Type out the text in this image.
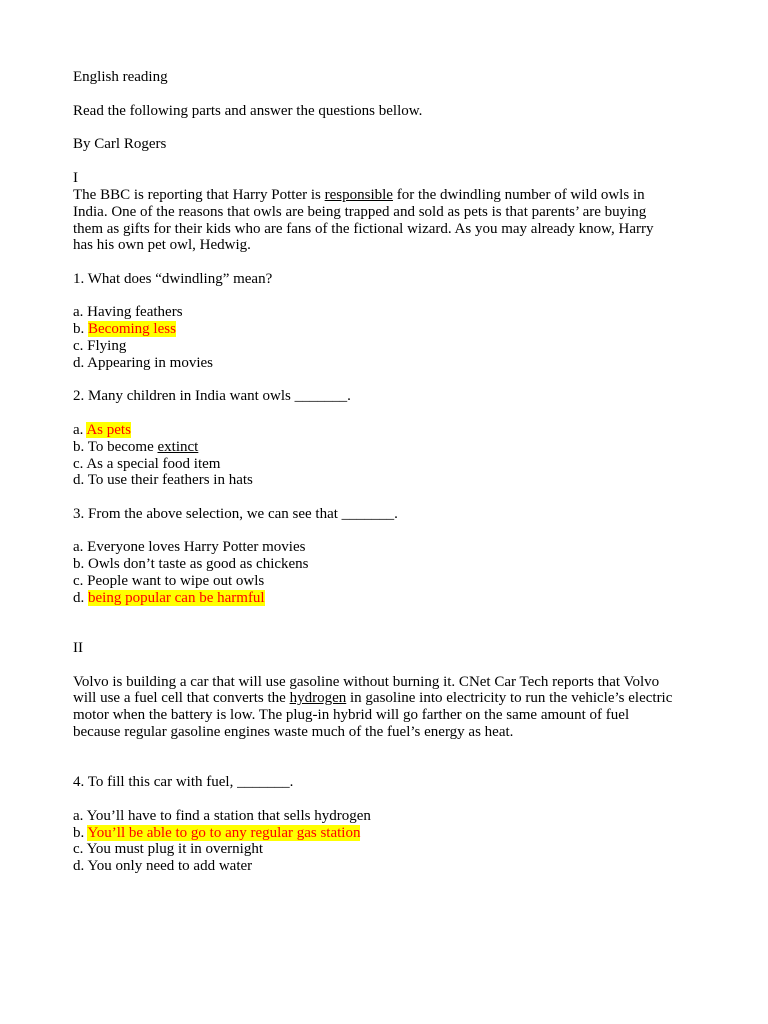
English reading

Read the following parts and answer the questions bellow.

By Carl Rogers

I

The BBC is reporting that Harry Potter is responsible for the dwindling number of wild owls in

India. One of the reasons that owls are being trapped and sold as pets is that parents’ are buying

them as gifts for their kids who are fans of the fictional wizard. As you may already know, Harry

has his own pet owl, Hedwig.

1. What does “dwindling” mean?

a. Having feathers

b. Becoming less

c. Flying

d. Appearing in movies

2. Many children in India want owls _______.

a. As pets

b. To become extinct

c. As a special food item

d. To use their feathers in hats

3. From the above selection, we can see that _______.

a. Everyone loves Harry Potter movies

b. Owls don’t taste as good as chickens

c. People want to wipe out owls

d. being popular can be harmful

II

Volvo is building a car that will use gasoline without burning it. CNet Car Tech reports that Volvo

will use a fuel cell that converts the hydrogen in gasoline into electricity to run the vehicle’s electric

motor when the battery is low. The plug-in hybrid will go farther on the same amount of fuel

because regular gasoline engines waste much of the fuel’s energy as heat.

4. To fill this car with fuel, _______.

a. You’ll have to find a station that sells hydrogen

b. You’ll be able to go to any regular gas station

c. You must plug it in overnight

d. You only need to add water
